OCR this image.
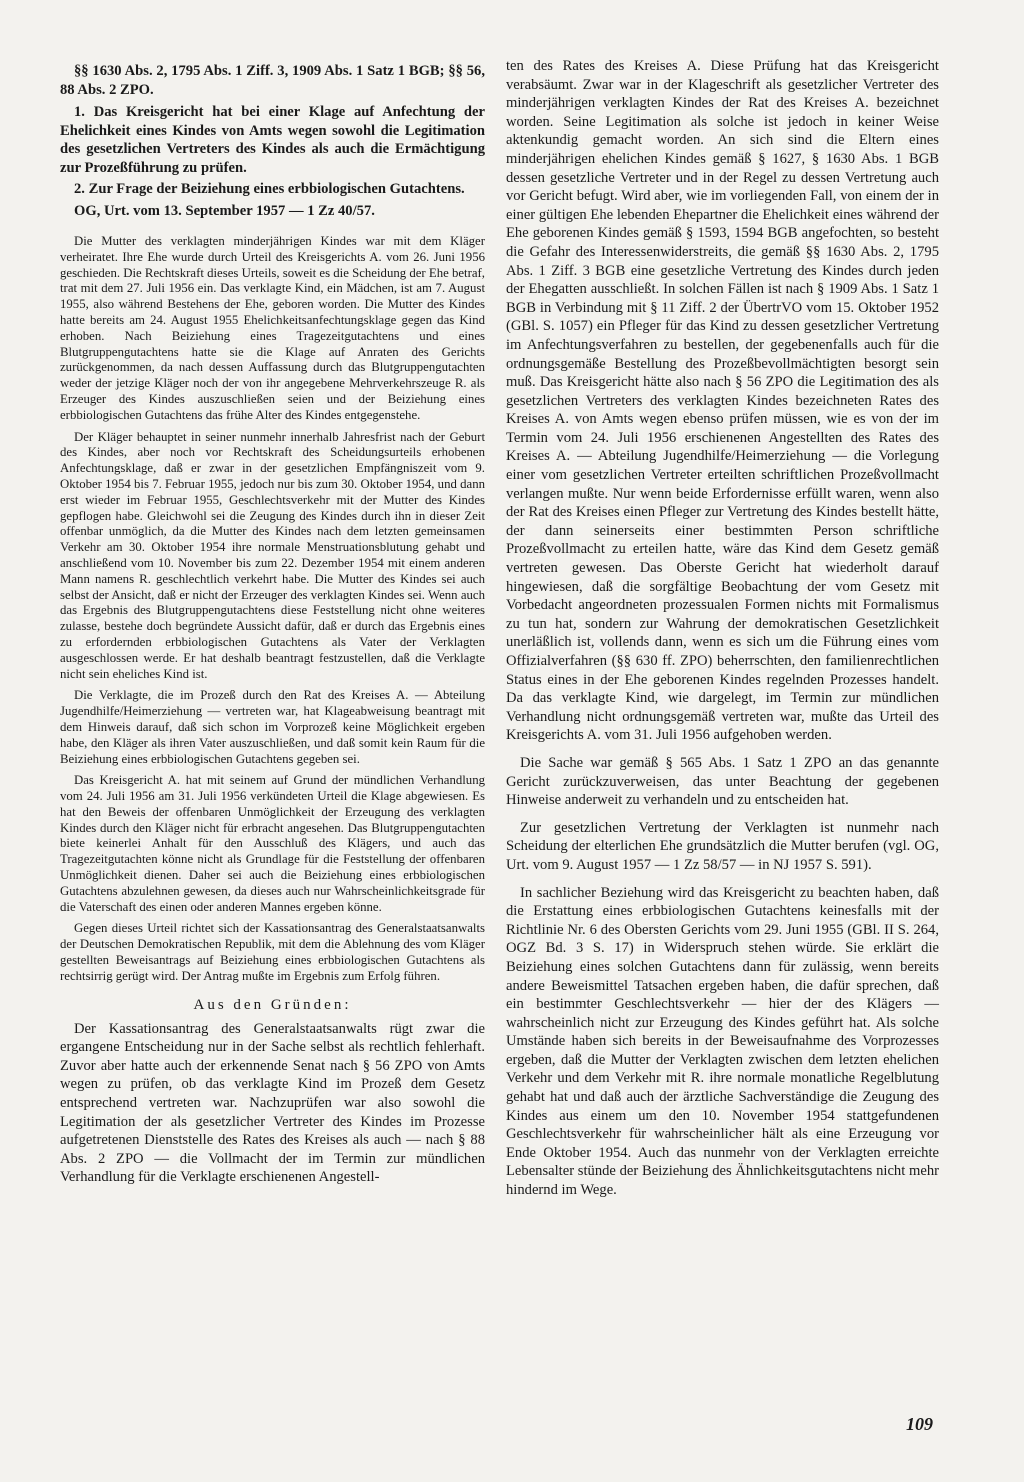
§§ 1630 Abs. 2, 1795 Abs. 1 Ziff. 3, 1909 Abs. 1 Satz 1 BGB; §§ 56, 88 Abs. 2 ZPO.

1. Das Kreisgericht hat bei einer Klage auf Anfechtung der Ehelichkeit eines Kindes von Amts wegen sowohl die Legitimation des gesetzlichen Vertreters des Kindes als auch die Ermächtigung zur Prozeßführung zu prüfen.

2. Zur Frage der Beiziehung eines erbbiologischen Gutachtens.

OG, Urt. vom 13. September 1957 — 1 Zz 40/57.

Die Mutter des verklagten minderjährigen Kindes war mit dem Kläger verheiratet. Ihre Ehe wurde durch Urteil des Kreisgerichts A. vom 26. Juni 1956 geschieden. Die Rechtskraft dieses Urteils, soweit es die Scheidung der Ehe betraf, trat mit dem 27. Juli 1956 ein. Das verklagte Kind, ein Mädchen, ist am 7. August 1955, also während Bestehens der Ehe, geboren worden. Die Mutter des Kindes hatte bereits am 24. August 1955 Ehelichkeitsanfechtungsklage gegen das Kind erhoben. Nach Beiziehung eines Tragezeitgutachtens und eines Blutgruppengutachtens hatte sie die Klage auf Anraten des Gerichts zurückgenommen, da nach dessen Auffassung durch das Blutgruppengutachten weder der jetzige Kläger noch der von ihr angegebene Mehrverkehrszeuge R. als Erzeuger des Kindes auszuschließen seien und der Beiziehung eines erbbiologischen Gutachtens das frühe Alter des Kindes entgegenstehe.

Der Kläger behauptet in seiner nunmehr innerhalb Jahresfrist nach der Geburt des Kindes, aber noch vor Rechtskraft des Scheidungsurteils erhobenen Anfechtungsklage, daß er zwar in der gesetzlichen Empfängniszeit vom 9. Oktober 1954 bis 7. Februar 1955, jedoch nur bis zum 30. Oktober 1954, und dann erst wieder im Februar 1955, Geschlechtsverkehr mit der Mutter des Kindes gepflogen habe. Gleichwohl sei die Zeugung des Kindes durch ihn in dieser Zeit offenbar unmöglich, da die Mutter des Kindes nach dem letzten gemeinsamen Verkehr am 30. Oktober 1954 ihre normale Menstruationsblutung gehabt und anschließend vom 10. November bis zum 22. Dezember 1954 mit einem anderen Mann namens R. geschlechtlich verkehrt habe. Die Mutter des Kindes sei auch selbst der Ansicht, daß er nicht der Erzeuger des verklagten Kindes sei. Wenn auch das Ergebnis des Blutgruppengutachtens diese Feststellung nicht ohne weiteres zulasse, bestehe doch begründete Aussicht dafür, daß er durch das Ergebnis eines zu erfordernden erbbiologischen Gutachtens als Vater der Verklagten ausgeschlossen werde. Er hat deshalb beantragt festzustellen, daß die Verklagte nicht sein eheliches Kind ist.

Die Verklagte, die im Prozeß durch den Rat des Kreises A. — Abteilung Jugendhilfe/Heimerziehung — vertreten war, hat Klageabweisung beantragt mit dem Hinweis darauf, daß sich schon im Vorprozeß keine Möglichkeit ergeben habe, den Kläger als ihren Vater auszuschließen, und daß somit kein Raum für die Beiziehung eines erbbiologischen Gutachtens gegeben sei.

Das Kreisgericht A. hat mit seinem auf Grund der mündlichen Verhandlung vom 24. Juli 1956 am 31. Juli 1956 verkündeten Urteil die Klage abgewiesen. Es hat den Beweis der offenbaren Unmöglichkeit der Erzeugung des verklagten Kindes durch den Kläger nicht für erbracht angesehen. Das Blutgruppengutachten biete keinerlei Anhalt für den Ausschluß des Klägers, und auch das Tragezeitgutachten könne nicht als Grundlage für die Feststellung der offenbaren Unmöglichkeit dienen. Daher sei auch die Beiziehung eines erbbiologischen Gutachtens abzulehnen gewesen, da dieses auch nur Wahrscheinlichkeitsgrade für die Vaterschaft des einen oder anderen Mannes ergeben könne.

Gegen dieses Urteil richtet sich der Kassationsantrag des Generalstaatsanwalts der Deutschen Demokratischen Republik, mit dem die Ablehnung des vom Kläger gestellten Beweisantrags auf Beiziehung eines erbbiologischen Gutachtens als rechtsirrig gerügt wird. Der Antrag mußte im Ergebnis zum Erfolg führen.

Aus den Gründen:

Der Kassationsantrag des Generalstaatsanwalts rügt zwar die ergangene Entscheidung nur in der Sache selbst als rechtlich fehlerhaft. Zuvor aber hatte auch der erkennende Senat nach § 56 ZPO von Amts wegen zu prüfen, ob das verklagte Kind im Prozeß dem Gesetz entsprechend vertreten war. Nachzuprüfen war also sowohl die Legitimation der als gesetzlicher Vertreter des Kindes im Prozesse aufgetretenen Dienststelle des Rates des Kreises als auch — nach § 88 Abs. 2 ZPO — die Vollmacht der im Termin zur mündlichen Verhandlung für die Verklagte erschienenen Angestell-

ten des Rates des Kreises A. Diese Prüfung hat das Kreisgericht verabsäumt. Zwar war in der Klageschrift als gesetzlicher Vertreter des minderjährigen verklagten Kindes der Rat des Kreises A. bezeichnet worden. Seine Legitimation als solche ist jedoch in keiner Weise aktenkundig gemacht worden. An sich sind die Eltern eines minderjährigen ehelichen Kindes gemäß § 1627, § 1630 Abs. 1 BGB dessen gesetzliche Vertreter und in der Regel zu dessen Vertretung auch vor Gericht befugt. Wird aber, wie im vorliegenden Fall, von einem der in einer gültigen Ehe lebenden Ehepartner die Ehelichkeit eines während der Ehe geborenen Kindes gemäß § 1593, 1594 BGB angefochten, so besteht die Gefahr des Interessenwiderstreits, die gemäß §§ 1630 Abs. 2, 1795 Abs. 1 Ziff. 3 BGB eine gesetzliche Vertretung des Kindes durch jeden der Ehegatten ausschließt. In solchen Fällen ist nach § 1909 Abs. 1 Satz 1 BGB in Verbindung mit § 11 Ziff. 2 der ÜbertrVO vom 15. Oktober 1952 (GBl. S. 1057) ein Pfleger für das Kind zu dessen gesetzlicher Vertretung im Anfechtungsverfahren zu bestellen, der gegebenenfalls auch für die ordnungsgemäße Bestellung des Prozeßbevollmächtigten besorgt sein muß. Das Kreisgericht hätte also nach § 56 ZPO die Legitimation des als gesetzlichen Vertreters des verklagten Kindes bezeichneten Rates des Kreises A. von Amts wegen ebenso prüfen müssen, wie es von der im Termin vom 24. Juli 1956 erschienenen Angestellten des Rates des Kreises A. — Abteilung Jugendhilfe/Heimerziehung — die Vorlegung einer vom gesetzlichen Vertreter erteilten schriftlichen Prozeßvollmacht verlangen mußte. Nur wenn beide Erfordernisse erfüllt waren, wenn also der Rat des Kreises einen Pfleger zur Vertretung des Kindes bestellt hätte, der dann seinerseits einer bestimmten Person schriftliche Prozeßvollmacht zu erteilen hatte, wäre das Kind dem Gesetz gemäß vertreten gewesen. Das Oberste Gericht hat wiederholt darauf hingewiesen, daß die sorgfältige Beobachtung der vom Gesetz mit Vorbedacht angeordneten prozessualen Formen nichts mit Formalismus zu tun hat, sondern zur Wahrung der demokratischen Gesetzlichkeit unerläßlich ist, vollends dann, wenn es sich um die Führung eines vom Offizialverfahren (§§ 630 ff. ZPO) beherrschten, den familienrechtlichen Status eines in der Ehe geborenen Kindes regelnden Prozesses handelt. Da das verklagte Kind, wie dargelegt, im Termin zur mündlichen Verhandlung nicht ordnungsgemäß vertreten war, mußte das Urteil des Kreisgerichts A. vom 31. Juli 1956 aufgehoben werden.

Die Sache war gemäß § 565 Abs. 1 Satz 1 ZPO an das genannte Gericht zurückzuverweisen, das unter Beachtung der gegebenen Hinweise anderweit zu verhandeln und zu entscheiden hat.

Zur gesetzlichen Vertretung der Verklagten ist nunmehr nach Scheidung der elterlichen Ehe grundsätzlich die Mutter berufen (vgl. OG, Urt. vom 9. August 1957 — 1 Zz 58/57 — in NJ 1957 S. 591).

In sachlicher Beziehung wird das Kreisgericht zu beachten haben, daß die Erstattung eines erbbiologischen Gutachtens keinesfalls mit der Richtlinie Nr. 6 des Obersten Gerichts vom 29. Juni 1955 (GBl. II S. 264, OGZ Bd. 3 S. 17) in Widerspruch stehen würde. Sie erklärt die Beiziehung eines solchen Gutachtens dann für zulässig, wenn bereits andere Beweismittel Tatsachen ergeben haben, die dafür sprechen, daß ein bestimmter Geschlechtsverkehr — hier der des Klägers — wahrscheinlich nicht zur Erzeugung des Kindes geführt hat. Als solche Umstände haben sich bereits in der Beweisaufnahme des Vorprozesses ergeben, daß die Mutter der Verklagten zwischen dem letzten ehelichen Verkehr und dem Verkehr mit R. ihre normale monatliche Regelblutung gehabt hat und daß auch der ärztliche Sachverständige die Zeugung des Kindes aus einem um den 10. November 1954 stattgefundenen Geschlechtsverkehr für wahrscheinlicher hält als eine Erzeugung vor Ende Oktober 1954. Auch das nunmehr von der Verklagten erreichte Lebensalter stünde der Beiziehung des Ähnlichkeitsgutachtens nicht mehr hindernd im Wege.

109
